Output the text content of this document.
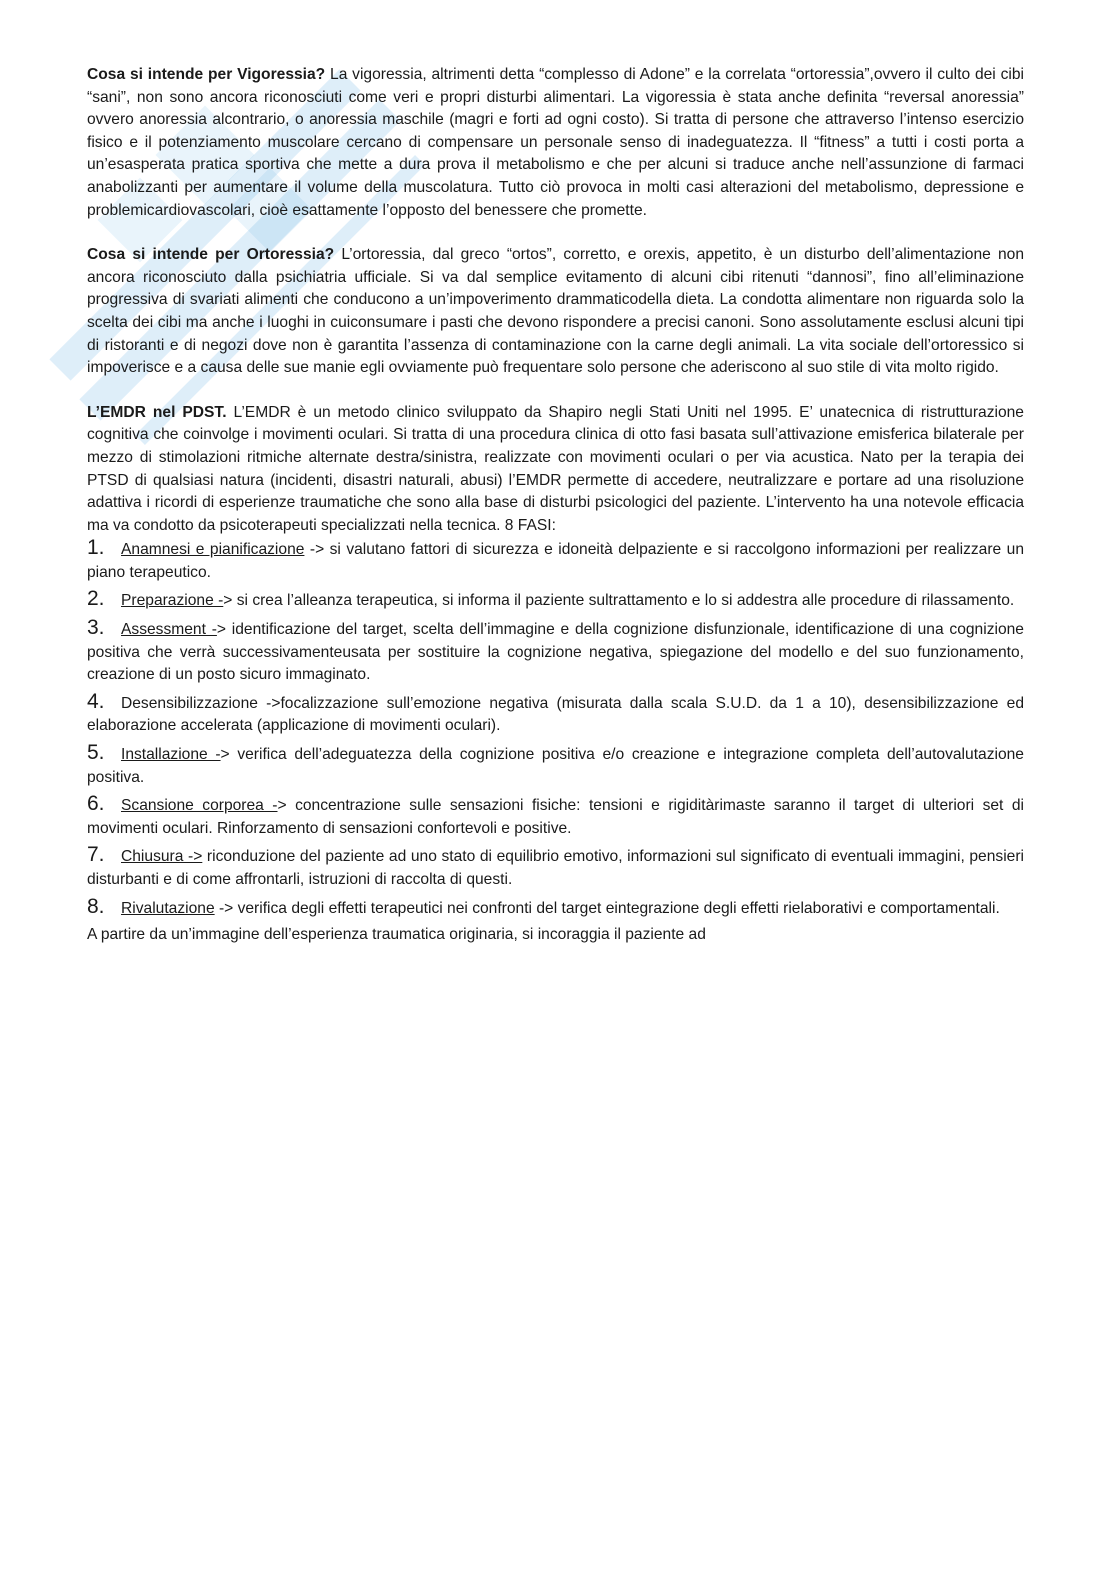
Cosa si intende per Vigoressia? La vigoressia, altrimenti detta “complesso di Adone” e la correlata “ortoressia”,ovvero il culto dei cibi “sani”, non sono ancora riconosciuti come veri e propri disturbi alimentari. La vigoressia è stata anche definita “reversal anoressia” ovvero anoressia alcontrario, o anoressia maschile (magri e forti ad ogni costo). Si tratta di persone che attraverso l’intenso esercizio fisico e il potenziamento muscolare cercano di compensare un personale senso di inadeguatezza. Il “fitness” a tutti i costi porta a un’esasperata pratica sportiva che mette a dura prova il metabolismo e che per alcuni si traduce anche nell’assunzione di farmaci anabolizzanti per aumentare il volume della muscolatura. Tutto ciò provoca in molti casi alterazioni del metabolismo, depressione e problemicardiovascolari, cioè esattamente l’opposto del benessere che promette.

Cosa si intende per Ortoressia? L’ortoressia, dal greco “ortos”, corretto, e orexis, appetito, è un disturbo dell’alimentazione non ancora riconosciuto dalla psichiatria ufficiale. Si va dal semplice evitamento di alcuni cibi ritenuti “dannosi”, fino all’eliminazione progressiva di svariati alimenti che conducono a un’impoverimento drammaticodella dieta. La condotta alimentare non riguarda solo la scelta dei cibi ma anche i luoghi in cuiconsumare i pasti che devono rispondere a precisi canoni. Sono assolutamente esclusi alcuni tipi di ristoranti e di negozi dove non è garantita l’assenza di contaminazione con la carne degli animali. La vita sociale dell’ortoressico si impoverisce e a causa delle sue manie egli ovviamente può frequentare solo persone che aderiscono al suo stile di vita molto rigido.

L’EMDR nel PDST. L’EMDR è un metodo clinico sviluppato da Shapiro negli Stati Uniti nel 1995. E’ unatecnica di ristrutturazione cognitiva che coinvolge i movimenti oculari. Si tratta di una procedura clinica di otto fasi basata sull’attivazione emisferica bilaterale per mezzo di stimolazioni ritmiche alternate destra/sinistra, realizzate con movimenti oculari o per via acustica. Nato per la terapia dei PTSD di qualsiasi natura (incidenti, disastri naturali, abusi) l’EMDR permette di accedere, neutralizzare e portare ad una risoluzione adattiva i ricordi di esperienze traumatiche che sono alla base di disturbi psicologici del paziente. L’intervento ha una notevole efficacia ma va condotto da psicoterapeuti specializzati nella tecnica. 8 FASI:

1. Anamnesi e pianificazione -> si valutano fattori di sicurezza e idoneità delpaziente e si raccolgono informazioni per realizzare un piano terapeutico.
2. Preparazione -> si crea l’alleanza terapeutica, si informa il paziente sultrattamento e lo si addestra alle procedure di rilassamento.
3. Assessment -> identificazione del target, scelta dell’immagine e della cognizione disfunzionale, identificazione di una cognizione positiva che verrà successivamenteusata per sostituire la cognizione negativa, spiegazione del modello e del suo funzionamento, creazione di un posto sicuro immaginato.
4. Desensibilizzazione ->focalizzazione sull’emozione negativa (misurata dalla scala S.U.D. da 1 a 10), desensibilizzazione ed elaborazione accelerata (applicazione di movimenti oculari).
5. Installazione -> verifica dell’adeguatezza della cognizione positiva e/o creazione e integrazione completa dell’autovalutazione positiva.
6. Scansione corporea -> concentrazione sulle sensazioni fisiche: tensioni e rigiditàrimaste saranno il target di ulteriori set di movimenti oculari. Rinforzamento di sensazioni confortevoli e positive.
7. Chiusura -> riconduzione del paziente ad uno stato di equilibrio emotivo, informazioni sul significato di eventuali immagini, pensieri disturbanti e di come affrontarli, istruzioni di raccolta di questi.
8. Rivalutazione -> verifica degli effetti terapeutici nei confronti del target eintegrazione degli effetti rielaborativi e comportamentali.

A partire da un’immagine dell’esperienza traumatica originaria, si incoraggia il paziente ad
